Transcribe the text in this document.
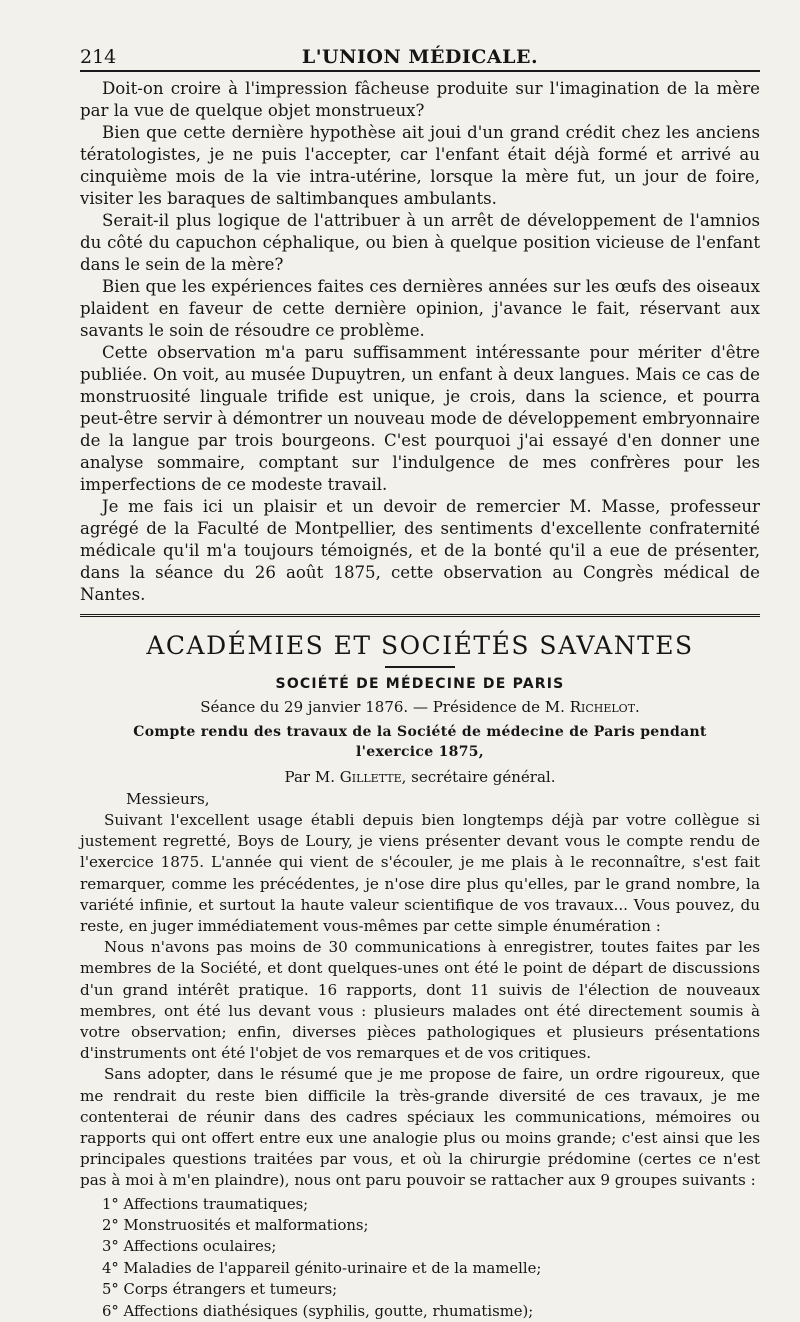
214	L'UNION MÉDICALE.

Doit-on croire à l'impression fâcheuse produite sur l'imagination de la mère par la vue de quelque objet monstrueux?

Bien que cette dernière hypothèse ait joui d'un grand crédit chez les anciens tératologistes, je ne puis l'accepter, car l'enfant était déjà formé et arrivé au cinquième mois de la vie intra-utérine, lorsque la mère fut, un jour de foire, visiter les baraques de saltimbanques ambulants.

Serait-il plus logique de l'attribuer à un arrêt de développement de l'amnios du côté du capuchon céphalique, ou bien à quelque position vicieuse de l'enfant dans le sein de la mère?

Bien que les expériences faites ces dernières années sur les œufs des oiseaux plaident en faveur de cette dernière opinion, j'avance le fait, réservant aux savants le soin de résoudre ce problème.

Cette observation m'a paru suffisamment intéressante pour mériter d'être publiée. On voit, au musée Dupuytren, un enfant à deux langues. Mais ce cas de monstruosité linguale trifide est unique, je crois, dans la science, et pourra peut-être servir à démontrer un nouveau mode de développement embryonnaire de la langue par trois bourgeons. C'est pourquoi j'ai essayé d'en donner une analyse sommaire, comptant sur l'indulgence de mes confrères pour les imperfections de ce modeste travail.

Je me fais ici un plaisir et un devoir de remercier M. Masse, professeur agrégé de la Faculté de Montpellier, des sentiments d'excellente confraternité médicale qu'il m'a toujours témoignés, et de la bonté qu'il a eue de présenter, dans la séance du 26 août 1875, cette observation au Congrès médical de Nantes.

ACADÉMIES ET SOCIÉTÉS SAVANTES
SOCIÉTÉ DE MÉDECINE DE PARIS
Séance du 29 janvier 1876. — Présidence de M. Richelot.
Compte rendu des travaux de la Société de médecine de Paris pendant l'exercice 1875,
Par M. Gillette, secrétaire général.
Messieurs,

Suivant l'excellent usage établi depuis bien longtemps déjà par votre collègue si justement regretté, Boys de Loury, je viens présenter devant vous le compte rendu de l'exercice 1875. L'année qui vient de s'écouler, je me plais à le reconnaître, s'est fait remarquer, comme les précédentes, je n'ose dire plus qu'elles, par le grand nombre, la variété infinie, et surtout la haute valeur scientifique de vos travaux... Vous pouvez, du reste, en juger immédiatement vous-mêmes par cette simple énumération :

Nous n'avons pas moins de 30 communications à enregistrer, toutes faites par les membres de la Société, et dont quelques-unes ont été le point de départ de discussions d'un grand intérêt pratique. 16 rapports, dont 11 suivis de l'élection de nouveaux membres, ont été lus devant vous : plusieurs malades ont été directement soumis à votre observation; enfin, diverses pièces pathologiques et plusieurs présentations d'instruments ont été l'objet de vos remarques et de vos critiques.

Sans adopter, dans le résumé que je me propose de faire, un ordre rigoureux, que me rendrait du reste bien difficile la très-grande diversité de ces travaux, je me contenterai de réunir dans des cadres spéciaux les communications, mémoires ou rapports qui ont offert entre eux une analogie plus ou moins grande; c'est ainsi que les principales questions traitées par vous, et où la chirurgie prédomine (certes ce n'est pas à moi à m'en plaindre), nous ont paru pouvoir se rattacher aux 9 groupes suivants :

1° Affections traumatiques;
2° Monstruosités et malformations;
3° Affections oculaires;
4° Maladies de l'appareil génito-urinaire et de la mamelle;
5° Corps étrangers et tumeurs;
6° Affections diathésiques (syphilis, goutte, rhumatisme);
